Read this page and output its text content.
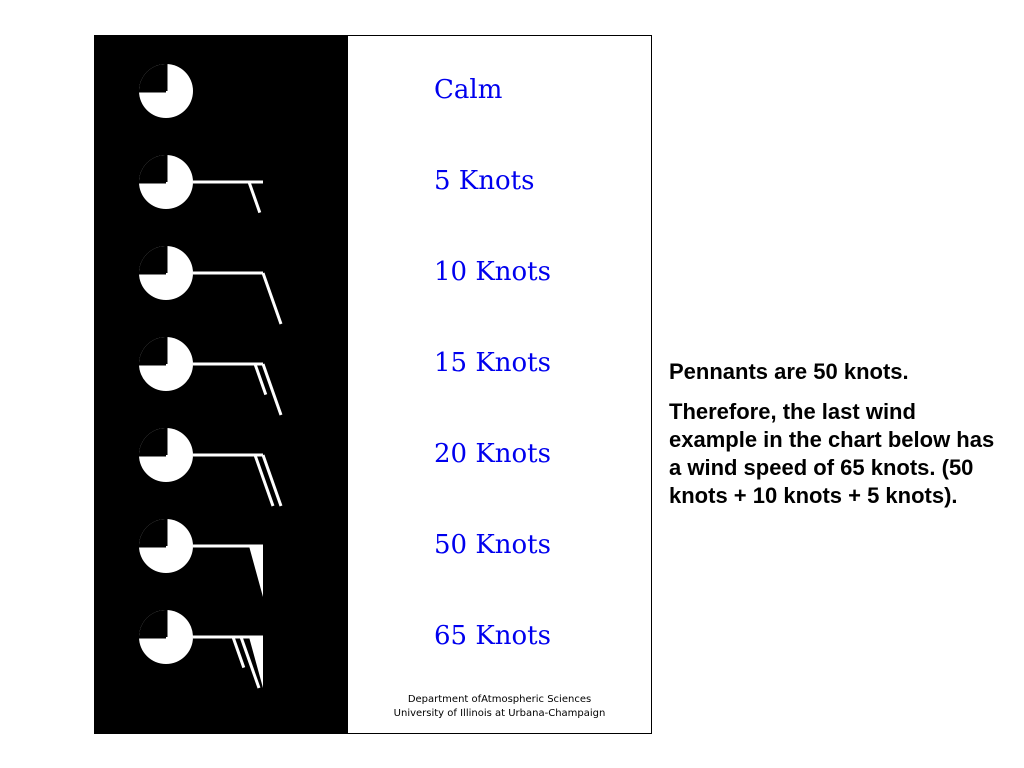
Calm
5 Knots
10 Knots
15 Knots
20 Knots
50 Knots
65 Knots
Department ofAtmospheric Sciences
University of Illinois at Urbana-Champaign

Pennants are 50 knots.

Therefore, the last wind example in the chart below has a wind speed of 65 knots. (50 knots + 10 knots + 5 knots).
